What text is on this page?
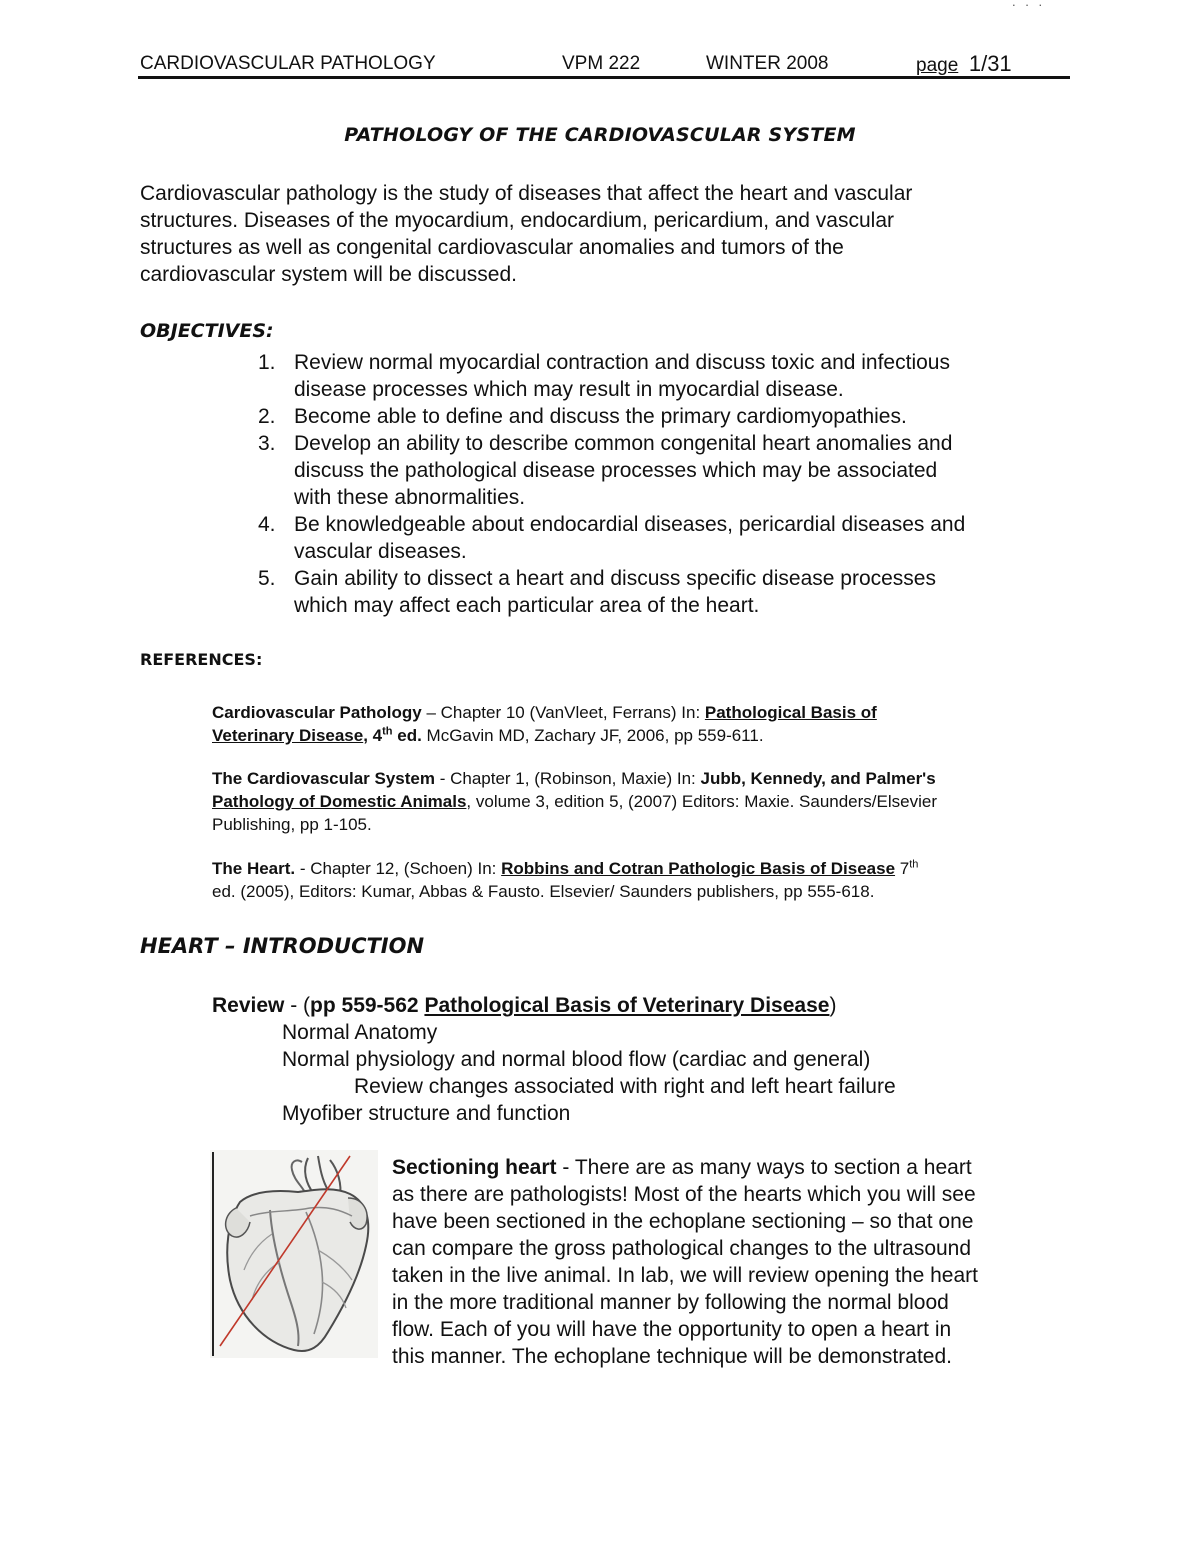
. . .
CARDIOVASCULAR PATHOLOGY	VPM 222	WINTER 2008	page 1/31
PATHOLOGY OF THE CARDIOVASCULAR SYSTEM
Cardiovascular pathology is the study of diseases that affect the heart and vascular
structures. Diseases of the myocardium, endocardium, pericardium, and vascular
structures as well as congenital cardiovascular anomalies and tumors of the
cardiovascular system will be discussed.
OBJECTIVES:
1. Review normal myocardial contraction and discuss toxic and infectious
disease processes which may result in myocardial disease.
2. Become able to define and discuss the primary cardiomyopathies.
3. Develop an ability to describe common congenital heart anomalies and
discuss the pathological disease processes which may be associated
with these abnormalities.
4. Be knowledgeable about endocardial diseases, pericardial diseases and
vascular diseases.
5. Gain ability to dissect a heart and discuss specific disease processes
which may affect each particular area of the heart.
REFERENCES:
Cardiovascular Pathology – Chapter 10 (VanVleet, Ferrans) In: Pathological Basis of
Veterinary Disease, 4th ed. McGavin MD, Zachary JF, 2006, pp 559-611.
The Cardiovascular System - Chapter 1, (Robinson, Maxie) In: Jubb, Kennedy, and Palmer's
Pathology of Domestic Animals, volume 3, edition 5, (2007) Editors: Maxie. Saunders/Elsevier
Publishing, pp 1-105.
The Heart. - Chapter 12, (Schoen) In: Robbins and Cotran Pathologic Basis of Disease 7th
ed. (2005), Editors: Kumar, Abbas & Fausto. Elsevier/ Saunders publishers, pp 555-618.
HEART – INTRODUCTION
Review - (pp 559-562 Pathological Basis of Veterinary Disease)
Normal Anatomy
Normal physiology and normal blood flow (cardiac and general)
Review changes associated with right and left heart failure
Myofiber structure and function
Sectioning heart - There are as many ways to section a heart
as there are pathologists! Most of the hearts which you will see
have been sectioned in the echoplane sectioning – so that one
can compare the gross pathological changes to the ultrasound
taken in the live animal. In lab, we will review opening the heart
in the more traditional manner by following the normal blood
flow. Each of you will have the opportunity to open a heart in
this manner. The echoplane technique will be demonstrated.
